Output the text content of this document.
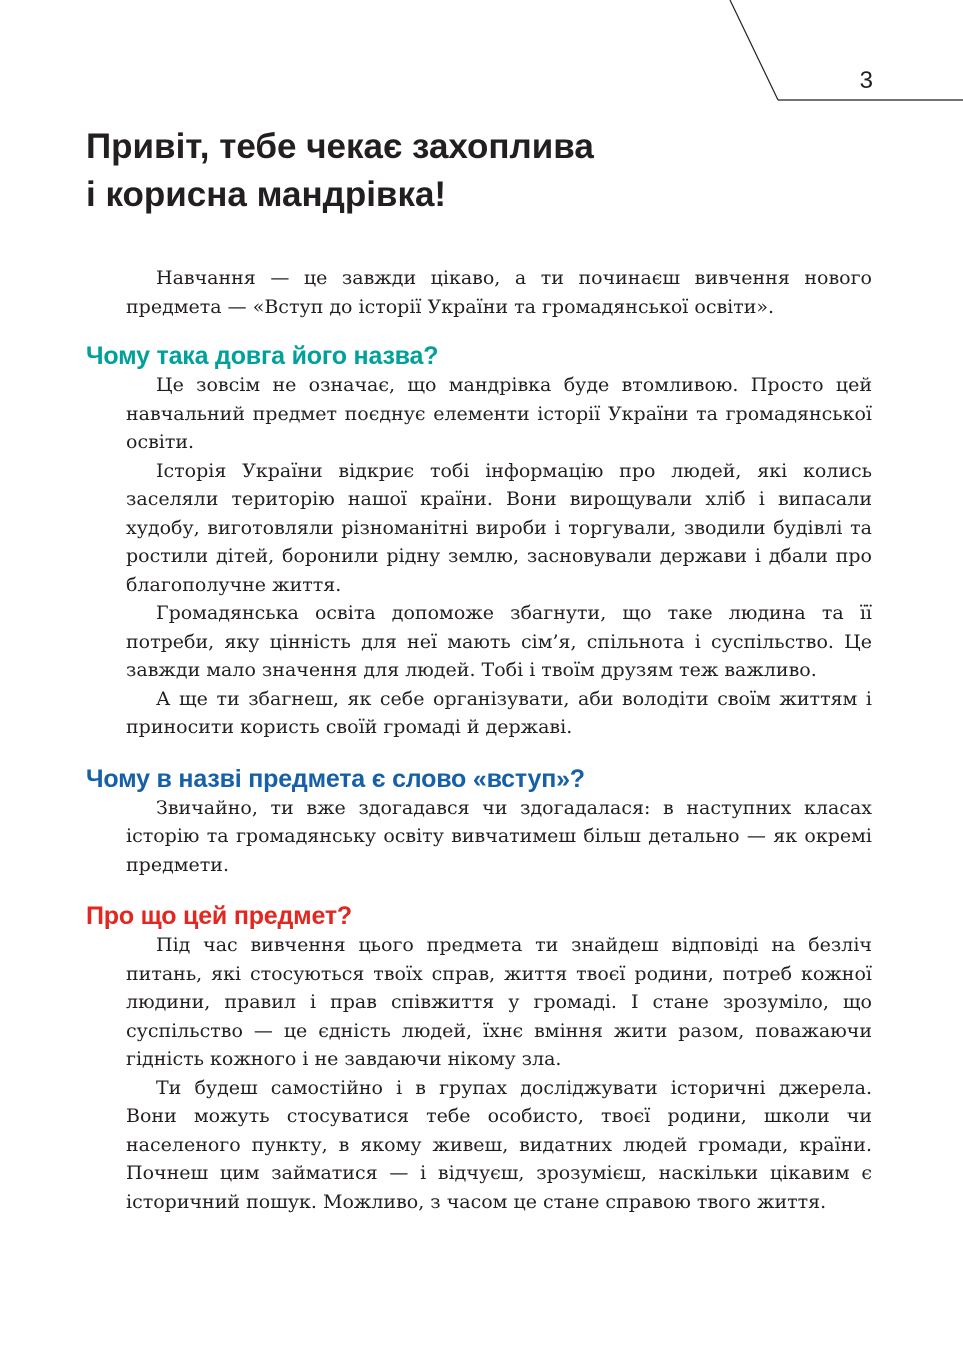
3
Привіт, тебе чекає захоплива
і корисна мандрівка!

Навчання — це завжди цікаво, а ти починаєш вивчення нового предмета — «Вступ до історії України та громадянської освіти».

Чому така довга його назва?

Це зовсім не означає, що мандрівка буде втомливою. Просто цей навчальний предмет поєднує елементи історії України та громадянської освіти.

Історія України відкриє тобі інформацію про людей, які колись заселяли територію нашої країни. Вони вирощували хліб і випасали худобу, виготовляли різноманітні вироби і торгували, зводили будівлі та ростили дітей, боронили рідну землю, засновували держави і дбали про благополучне життя.

Громадянська освіта допоможе збагнути, що таке людина та її потреби, яку цінність для неї мають сім’я, спільнота і суспільство. Це завжди мало значення для людей. Тобі і твоїм друзям теж важливо.

А ще ти збагнеш, як себе організувати, аби володіти своїм життям і приносити користь своїй громаді й державі.

Чому в назві предмета є слово «вступ»?

Звичайно, ти вже здогадався чи здогадалася: в наступних класах історію та громадянську освіту вивчатимеш більш детально — як окремі предмети.

Про що цей предмет?

Під час вивчення цього предмета ти знайдеш відповіді на безліч питань, які стосуються твоїх справ, життя твоєї родини, потреб кожної людини, правил і прав співжиття у громаді. І стане зрозуміло, що суспільство — це єдність людей, їхнє вміння жити разом, поважаючи гідність кожного і не завдаючи нікому зла.

Ти будеш самостійно і в групах досліджувати історичні джерела. Вони можуть стосуватися тебе особисто, твоєї родини, школи чи населеного пункту, в якому живеш, видатних людей громади, країни. Почнеш цим займатися — і відчуєш, зрозумієш, наскільки цікавим є історичний пошук. Можливо, з часом це стане справою твого життя.
